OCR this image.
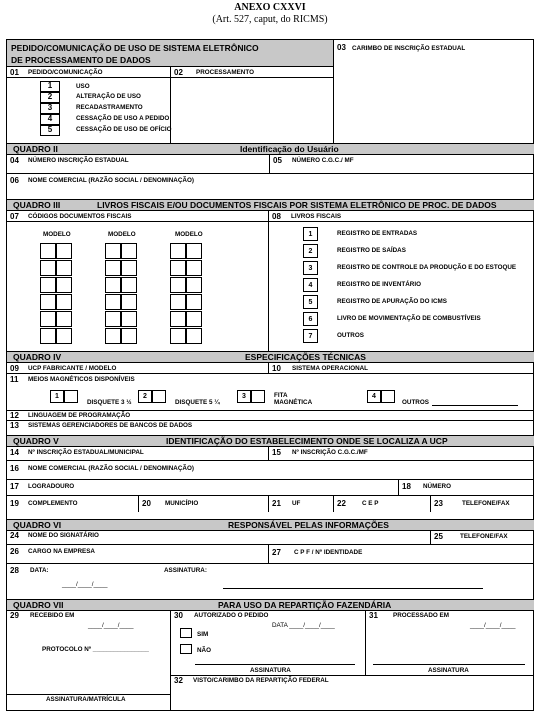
ANEXO CXXVI
(Art. 527, caput, do RICMS)
PEDIDO/COMUNICAÇÃO DE USO DE SISTEMA ELETRÔNICO
DE PROCESSAMENTO DE DADOS
03 CARIMBO DE INSCRIÇÃO ESTADUAL
01 PEDIDO/COMUNICAÇÃO	02 PROCESSAMENTO
1	USO
2	ALTERAÇÃO DE USO
3	RECADASTRAMENTO
4	CESSAÇÃO DE USO A PEDIDO
5	CESSAÇÃO DE USO DE OFÍCIO
QUADRO II	Identificação do Usuário
04 NÚMERO INSCRIÇÃO ESTADUAL	05 NÚMERO C.G.C./ MF
06 NOME COMERCIAL (RAZÃO SOCIAL / DENOMINAÇÃO)
QUADRO III	LIVROS FISCAIS E/OU DOCUMENTOS FISCAIS POR SISTEMA ELETRÔNICO DE PROC. DE DADOS
07 CÓDIGOS DOCUMENTOS FISCAIS	08 LIVROS FISCAIS
MODELO	MODELO	MODELO	1	REGISTRO DE ENTRADAS
2	REGISTRO DE SAÍDAS
3	REGISTRO DE CONTROLE DA PRODUÇÃO E DO ESTOQUE
4	REGISTRO DE INVENTÁRIO
5	REGISTRO DE APURAÇÃO DO ICMS
6	LIVRO DE MOVIMENTAÇÃO DE COMBUSTÍVEIS
7	OUTROS
QUADRO IV	ESPECIFICAÇÕES TÉCNICAS
09 UCP FABRICANTE / MODELO	10 SISTEMA OPERACIONAL
11 MEIOS MAGNÉTICOS DISPONÍVEIS
1
DISQUETE 3 ½
2
DISQUETE 5 ¼
3	FITA
MAGNÉTICA
4
OUTROS
12 LINGUAGEM DE PROGRAMAÇÃO
13 SISTEMAS GERENCIADORES DE BANCOS DE DADOS
QUADRO V	IDENTIFICAÇÃO DO ESTABELECIMENTO ONDE SE LOCALIZA A UCP
14 Nº INSCRIÇÃO ESTADUAL/MUNICIPAL	15 Nº INSCRIÇÃO C.G.C./MF
16 NOME COMERCIAL (RAZÃO SOCIAL / DENOMINAÇÃO)
17 LOGRADOURO	18 NÚMERO
19 COMPLEMENTO	20 MUNICÍPIO	21 UF	22	C E P	23	TELEFONE/FAX
QUADRO VI	RESPONSÁVEL PELAS INFORMAÇÕES
24 NOME DO SIGNATÁRIO	25	TELEFONE/FAX
26 CARGO NA EMPRESA	27 C P F / Nº IDENTIDADE
28 DATA:	ASSINATURA:
____/____/____
QUADRO VII	PARA USO DA REPARTIÇÃO FAZENDÁRIA
29 RECEBIDO EM
____/____/____
PROTOCOLO Nº ________________
30 AUTORIZADO O PEDIDO
DATA ____/____/____
SIM
NÃO
ASSINATURA
31 PROCESSADO EM
____/____/____
ASSINATURA
32 VISTO/CARIMBO DA REPARTIÇÃO FEDERAL
ASSINATURA/MATRÍCULA
